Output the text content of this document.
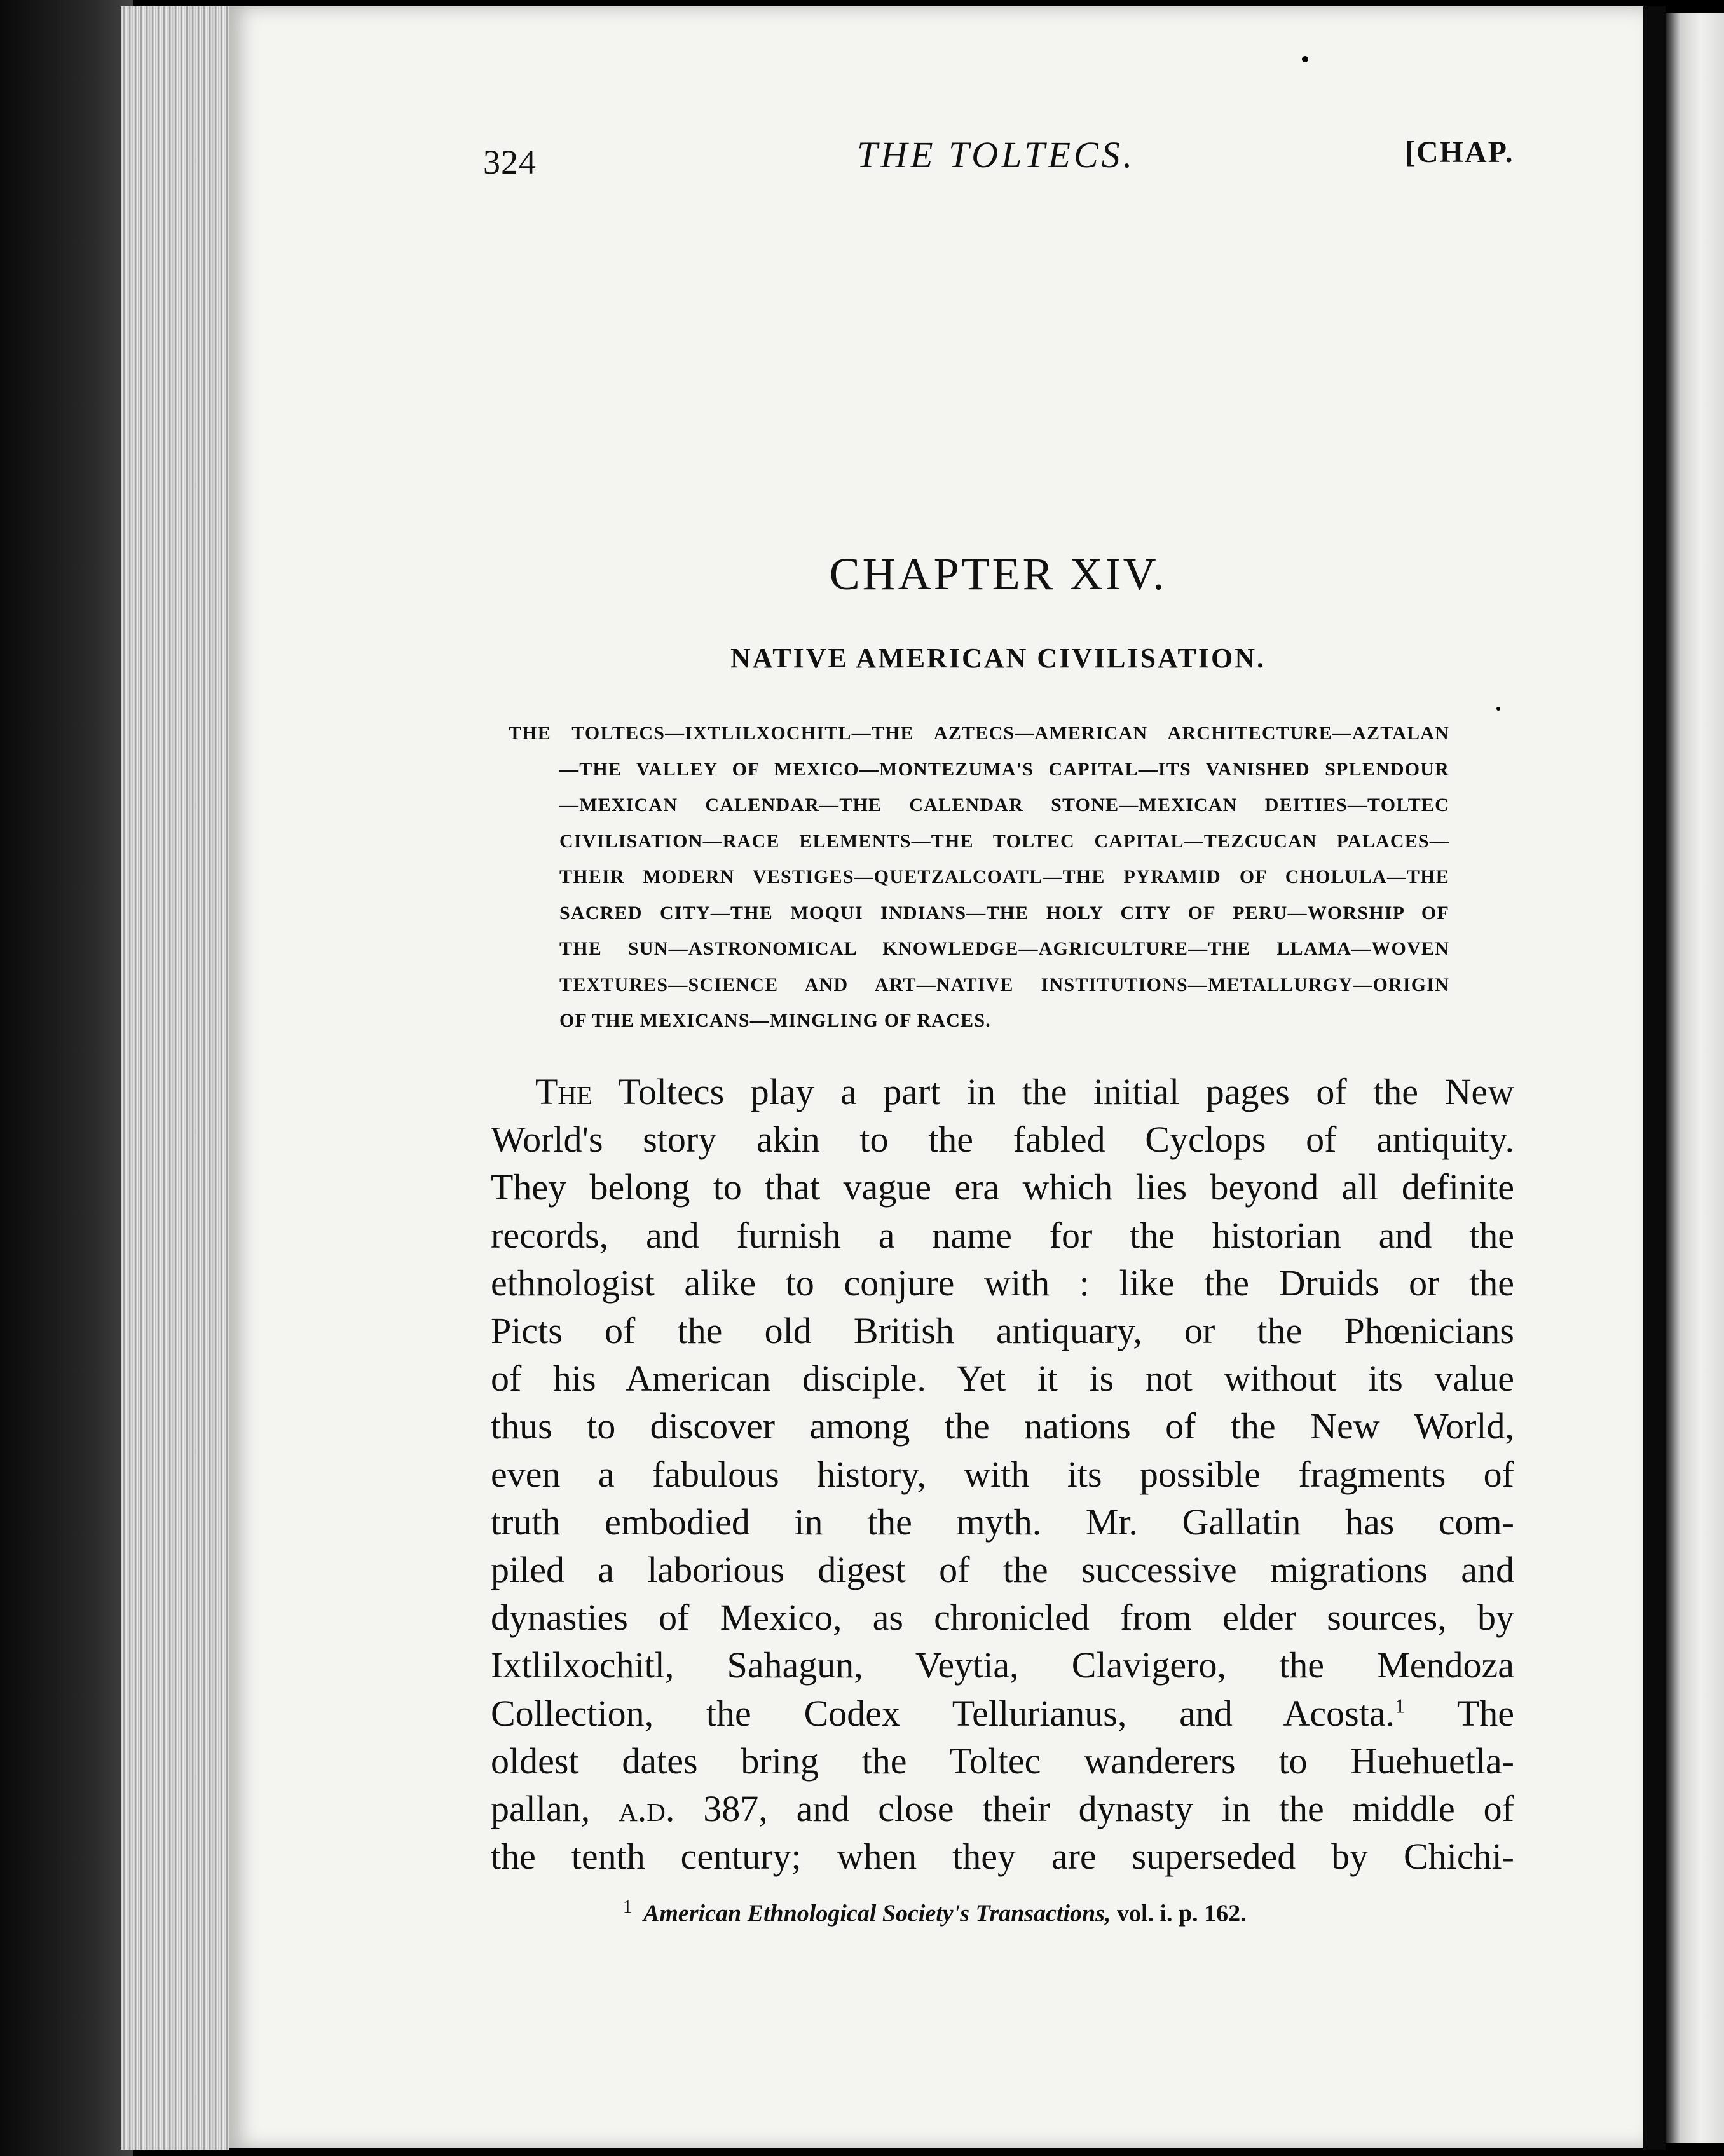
324	THE TOLTECS.	[CHAP.
CHAPTER XIV.
NATIVE AMERICAN CIVILISATION.
THE TOLTECS—IXTLILXOCHITL—THE AZTECS—AMERICAN ARCHITECTURE—AZTALAN
—THE VALLEY OF MEXICO—MONTEZUMA'S CAPITAL—ITS VANISHED SPLENDOUR
—MEXICAN CALENDAR—THE CALENDAR STONE—MEXICAN DEITIES—TOLTEC
CIVILISATION—RACE ELEMENTS—THE TOLTEC CAPITAL—TEZCUCAN PALACES—
THEIR MODERN VESTIGES—QUETZALCOATL—THE PYRAMID OF CHOLULA—THE
SACRED CITY—THE MOQUI INDIANS—THE HOLY CITY OF PERU—WORSHIP OF
THE SUN—ASTRONOMICAL KNOWLEDGE—AGRICULTURE—THE LLAMA—WOVEN
TEXTURES—SCIENCE AND ART—NATIVE INSTITUTIONS—METALLURGY—ORIGIN
OF THE MEXICANS—MINGLING OF RACES.
The Toltecs play a part in the initial pages of the New
World's story akin to the fabled Cyclops of antiquity.
They belong to that vague era which lies beyond all definite
records, and furnish a name for the historian and the
ethnologist alike to conjure with : like the Druids or the
Picts of the old British antiquary, or the Phœnicians
of his American disciple. Yet it is not without its value
thus to discover among the nations of the New World,
even a fabulous history, with its possible fragments of
truth embodied in the myth. Mr. Gallatin has com-
piled a laborious digest of the successive migrations and
dynasties of Mexico, as chronicled from elder sources, by
Ixtlilxochitl, Sahagun, Veytia, Clavigero, the Mendoza
Collection, the Codex Tellurianus, and Acosta.$^1$ The
oldest dates bring the Toltec wanderers to Huehuetla-
pallan, a.d. 387, and close their dynasty in the middle of
the tenth century; when they are superseded by Chichi-
$^1$ American Ethnological Society's Transactions, vol. i. p. 162.
